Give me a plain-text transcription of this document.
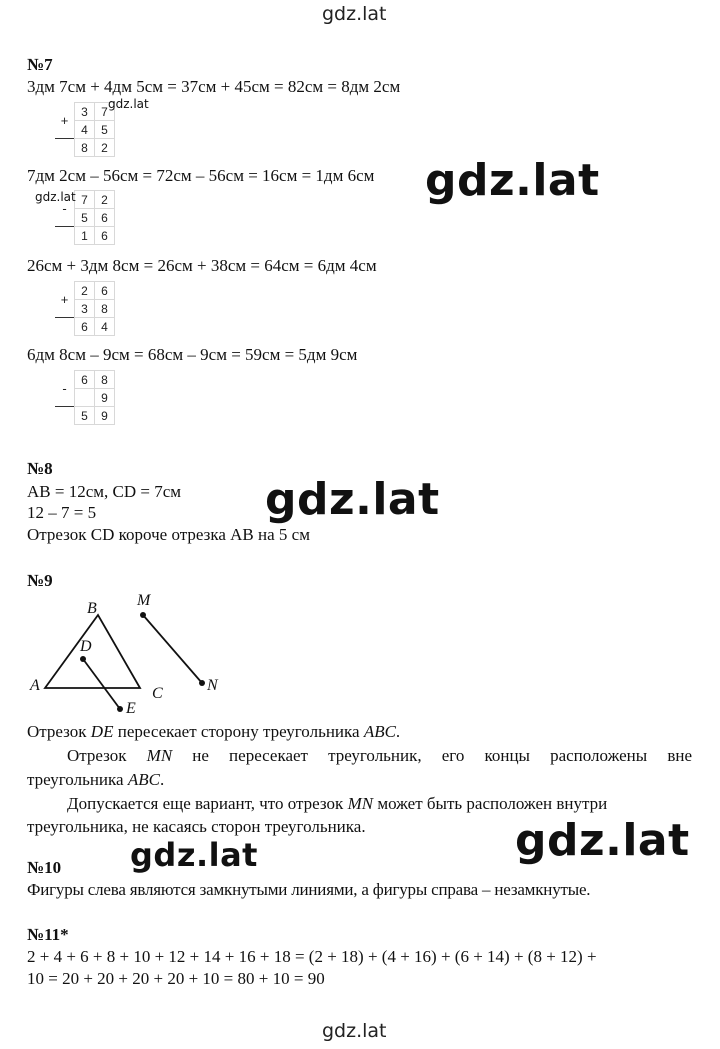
gdz.lat
gdz.lat
№7
3дм 7см + 4дм 5см = 37см + 45см = 82см = 8дм 2см
+	3	7
	4	5
	8	2
gdz.lat
7дм 2см – 56см = 72см – 56см = 16см = 1дм 6см gdz.lat
-	7	2
	5	6
	1	6
gdz.lat
26см + 3дм 8см = 26см + 38см = 64см = 6дм 4см
+	2	6
	3	8
	6	4
6дм 8см – 9см = 68см – 9см = 59см = 5дм 9см
-	6	8
		9
	5	9
№8
AB = 12см, CD = 7см
12 – 7 = 5
Отрезок CD короче отрезка AB на 5 см
gdz.lat
№9
B	M
D
A	C	N
E
Отрезок DE пересекает сторону треугольника ABC.
Отрезок MN не пересекает треугольник, его концы расположены вне
треугольника ABC.
Допускается еще вариант, что отрезок MN может быть расположен внутри
треугольника, не касаясь сторон треугольника.	gdz.lat
gdz.lat
№10
Фигуры слева являются замкнутыми линиями, а фигуры справа – незамкнутые.
№11*
2 + 4 + 6 + 8 + 10 + 12 + 14 + 16 + 18 = (2 + 18) + (4 + 16) + (6 + 14) + (8 + 12) +
10 = 20 + 20 + 20 + 20 + 10 = 80 + 10 = 90
